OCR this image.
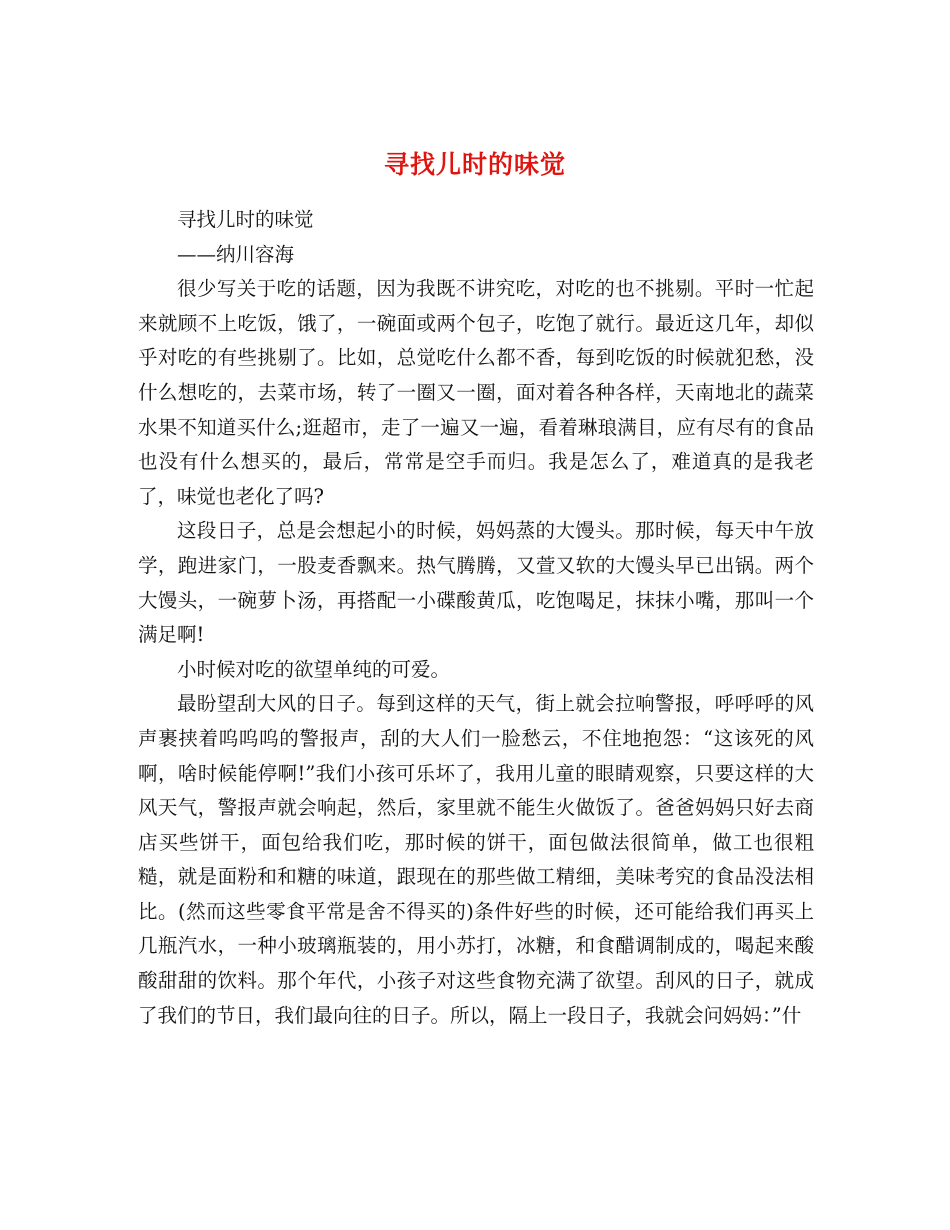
寻找儿时的味觉

寻找儿时的味觉

——纳川容海

很少写关于吃的话题，因为我既不讲究吃，对吃的也不挑剔。平时一忙起来就顾不上吃饭，饿了，一碗面或两个包子，吃饱了就行。最近这几年，却似乎对吃的有些挑剔了。比如，总觉吃什么都不香，每到吃饭的时候就犯愁，没什么想吃的，去菜市场，转了一圈又一圈，面对着各种各样，天南地北的蔬菜水果不知道买什么;逛超市，走了一遍又一遍，看着琳琅满目，应有尽有的食品也没有什么想买的，最后，常常是空手而归。我是怎么了，难道真的是我老了，味觉也老化了吗?

这段日子，总是会想起小的时候，妈妈蒸的大馒头。那时候，每天中午放学，跑进家门，一股麦香飘来。热气腾腾，又萱又软的大馒头早已出锅。两个大馒头，一碗萝卜汤，再搭配一小碟酸黄瓜，吃饱喝足，抹抹小嘴，那叫一个满足啊!

小时候对吃的欲望单纯的可爱。

最盼望刮大风的日子。每到这样的天气，街上就会拉响警报，呼呼呼的风声裹挟着呜呜呜的警报声，刮的大人们一脸愁云，不住地抱怨：“这该死的风啊，啥时候能停啊!”我们小孩可乐坏了，我用儿童的眼睛观察，只要这样的大风天气，警报声就会响起，然后，家里就不能生火做饭了。爸爸妈妈只好去商店买些饼干，面包给我们吃，那时候的饼干，面包做法很简单，做工也很粗糙，就是面粉和和糖的味道，跟现在的那些做工精细，美味考究的食品没法相比。(然而这些零食平常是舍不得买的)条件好些的时候，还可能给我们再买上几瓶汽水，一种小玻璃瓶装的，用小苏打，冰糖，和食醋调制成的，喝起来酸酸甜甜的饮料。那个年代，小孩子对这些食物充满了欲望。刮风的日子，就成了我们的节日，我们最向往的日子。所以，隔上一段日子，我就会问妈妈：”什
